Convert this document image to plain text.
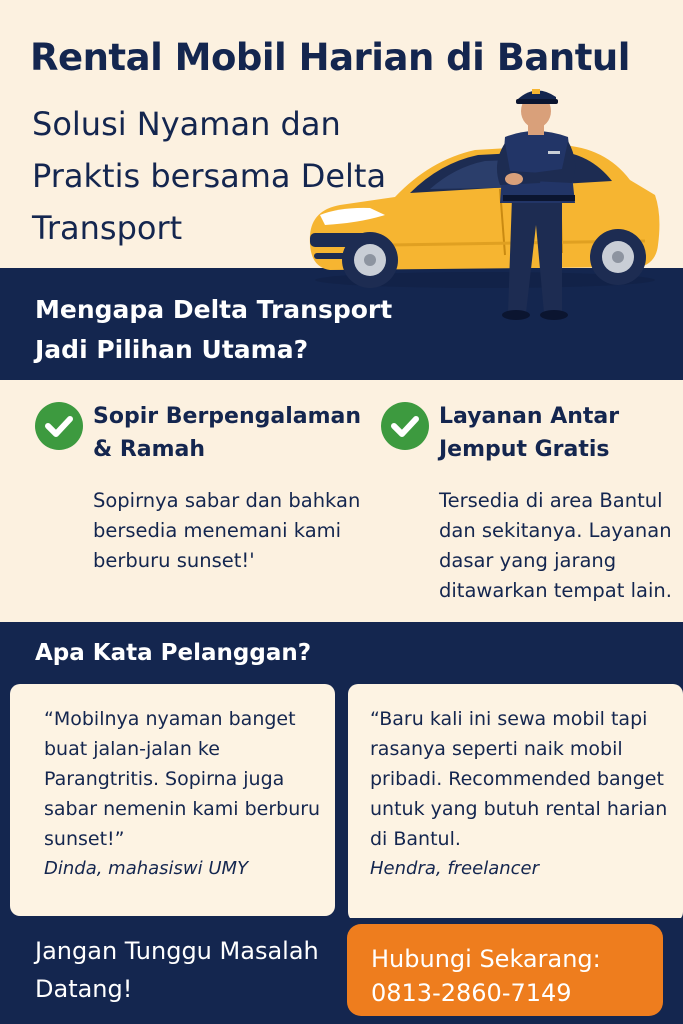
Rental Mobil Harian di Bantul

Solusi Nyaman dan Praktis bersama Delta Transport

Mengapa Delta Transport Jadi Pilihan Utama?
Sopir Berpengalaman & Ramah

Sopirnya sabar dan bahkan bersedia menemani kami berburu sunset!'

Layanan Antar Jemput Gratis

Tersedia di area Bantul dan sekitanya. Layanan dasar yang jarang ditawarkan tempat lain.

Apa Kata Pelanggan?

“Mobilnya nyaman banget buat jalan-jalan ke Parangtritis. Sopirna juga sabar nemenin kami berburu sunset!”

Dinda, mahasiswi UMY

“Baru kali ini sewa mobil tapi rasanya seperti naik mobil pribadi. Recommended banget untuk yang butuh rental harian di Bantul.

Hendra, freelancer

Jangan Tunggu Masalah Datang!

Hubungi Sekarang:
0813-2860-7149
